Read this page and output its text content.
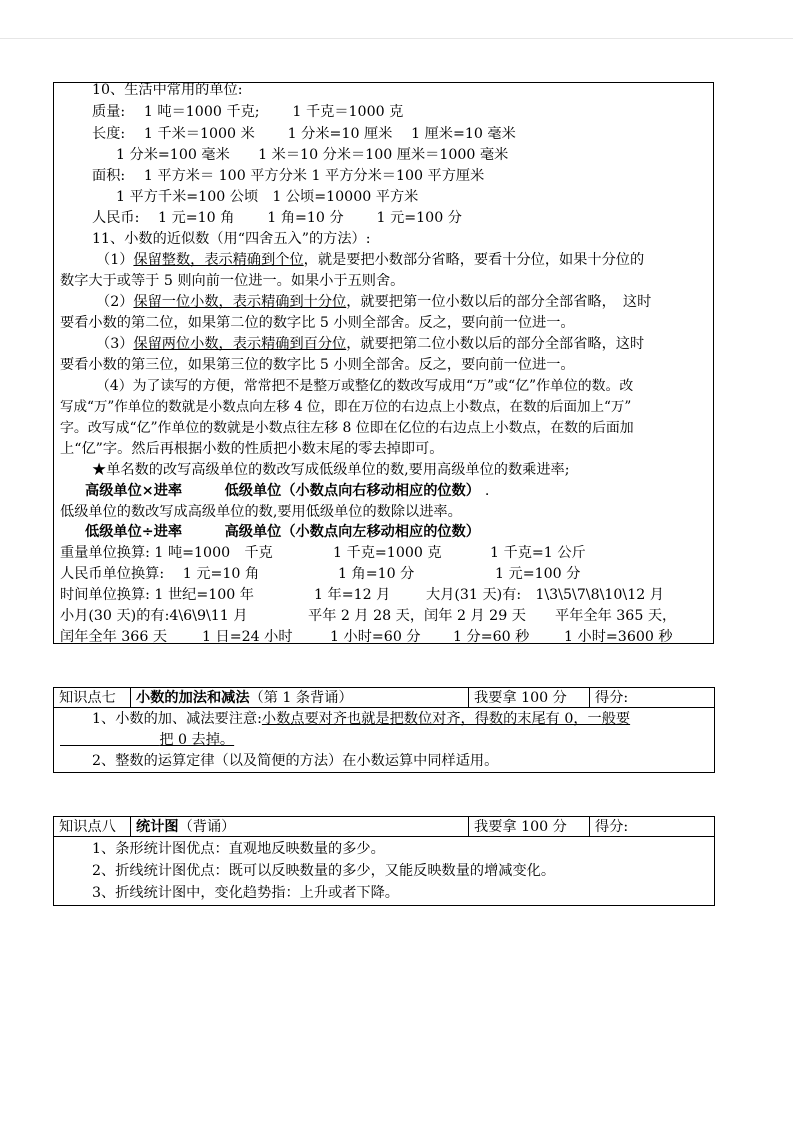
10、生活中常用的单位:
质量:　 1 吨＝1000 千克;　　 1 千克＝1000 克
长度:　 1 千米＝1000 米　　 1 分米=10 厘米　 1 厘米=10 毫米
1 分米=100 毫米　　1 米＝10 分米＝100 厘米＝1000 毫米
面积:　 1 平方米＝ 100 平方分米 1 平方分米＝100 平方厘米
1 平方千米=100 公顷　1 公顷=10000 平方米
人民币:　 1 元=10 角　　 1 角=10 分　　 1 元=100 分
11、小数的近似数（用“四舍五入”的方法）:
（1）保留整数，表示精确到个位，就是要把小数部分省略，要看十分位，如果十分位的
数字大于或等于 5 则向前一位进一。如果小于五则舍。
（2）保留一位小数，表示精确到十分位，就要把第一位小数以后的部分全部省略，　这时
要看小数的第二位，如果第二位的数字比 5 小则全部舍。反之，要向前一位进一。
（3）保留两位小数，表示精确到百分位，就要把第二位小数以后的部分全部省略，这时
要看小数的第三位，如果第三位的数字比 5 小则全部舍。反之，要向前一位进一。
（4）为了读写的方便，常常把不是整万或整亿的数改写成用“万”或“亿”作单位的数。改
写成“万”作单位的数就是小数点向左移 4 位，即在万位的右边点上小数点，在数的后面加上“万”
字。改写成“亿”作单位的数就是小数点往左移 8 位即在亿位的右边点上小数点，在数的后面加
上“亿”字。然后再根据小数的性质把小数末尾的零去掉即可。
★单名数的改写高级单位的数改写成低级单位的数,要用高级单位的数乘进率;
高级单位×进率　　　低级单位（小数点向右移动相应的位数） .
低级单位的数改写成高级单位的数,要用低级单位的数除以进率。
低级单位÷进率　　　高级单位（小数点向左移动相应的位数）
重量单位换算: 1 吨=1000　千克	1 千克=1000 克	1 千克=1 公斤
人民币单位换算:　 1 元=10 角	1 角=10 分	1 元=100 分
时间单位换算: 1 世纪=100 年	1 年=12 月	大月(31 天)有:　1\3\5\7\8\10\12 月
小月(30 天)的有:4\6\9\11 月	平年 2 月 28 天，闰年 2 月 29 天 平年全年 365 天，
闰年全年 366 天 1 日=24 小时	1 小时=60 分 1 分=60 秒 1 小时=3600 秒
知识点七	小数的加法和减法（第 1 条背诵）	我要拿 100 分	得分:

1、小数的加、减法要注意:小数点要对齐也就是把数位对齐，得数的末尾有 0，一般要
　　　　　　　把 0 去掉。
2、整数的运算定律（以及简便的方法）在小数运算中同样适用。
知识点八	统计图（背诵）	我要拿 100 分	得分:

1、条形统计图优点：直观地反映数量的多少。
2、折线统计图优点：既可以反映数量的多少，又能反映数量的增减变化。
3、折线统计图中，变化趋势指：上升或者下降。
